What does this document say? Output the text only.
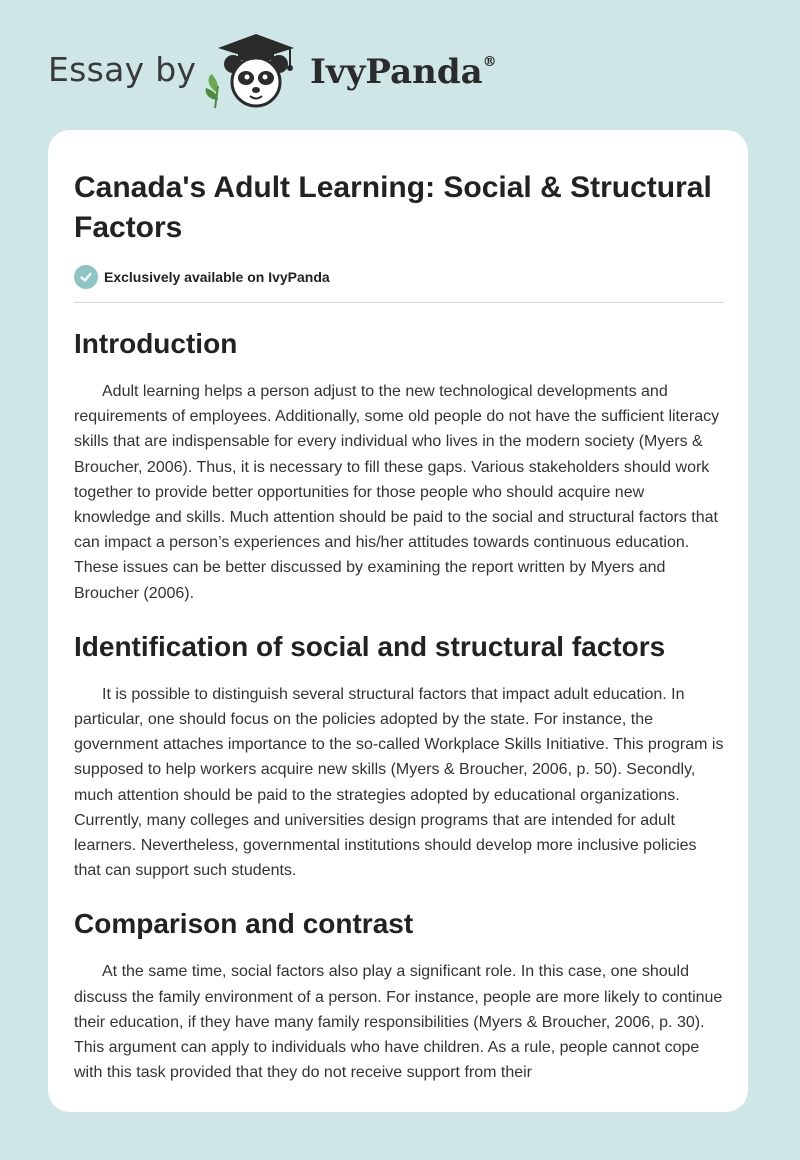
Essay by	IvyPanda®
Canada's Adult Learning: Social & Structural Factors
Exclusively available on IvyPanda
Introduction

Adult learning helps a person adjust to the new technological developments and requirements of employees. Additionally, some old people do not have the sufficient literacy skills that are indispensable for every individual who lives in the modern society (Myers & Broucher, 2006). Thus, it is necessary to fill these gaps. Various stakeholders should work together to provide better opportunities for those people who should acquire new knowledge and skills. Much attention should be paid to the social and structural factors that can impact a person’s experiences and his/her attitudes towards continuous education. These issues can be better discussed by examining the report written by Myers and Broucher (2006).

Identification of social and structural factors

It is possible to distinguish several structural factors that impact adult education. In particular, one should focus on the policies adopted by the state. For instance, the government attaches importance to the so-called Workplace Skills Initiative. This program is supposed to help workers acquire new skills (Myers & Broucher, 2006, p. 50). Secondly, much attention should be paid to the strategies adopted by educational organizations. Currently, many colleges and universities design programs that are intended for adult learners. Nevertheless, governmental institutions should develop more inclusive policies that can support such students.

Comparison and contrast

At the same time, social factors also play a significant role. In this case, one should discuss the family environment of a person. For instance, people are more likely to continue their education, if they have many family responsibilities (Myers & Broucher, 2006, p. 30). This argument can apply to individuals who have children. As a rule, people cannot cope with this task provided that they do not receive support from their
